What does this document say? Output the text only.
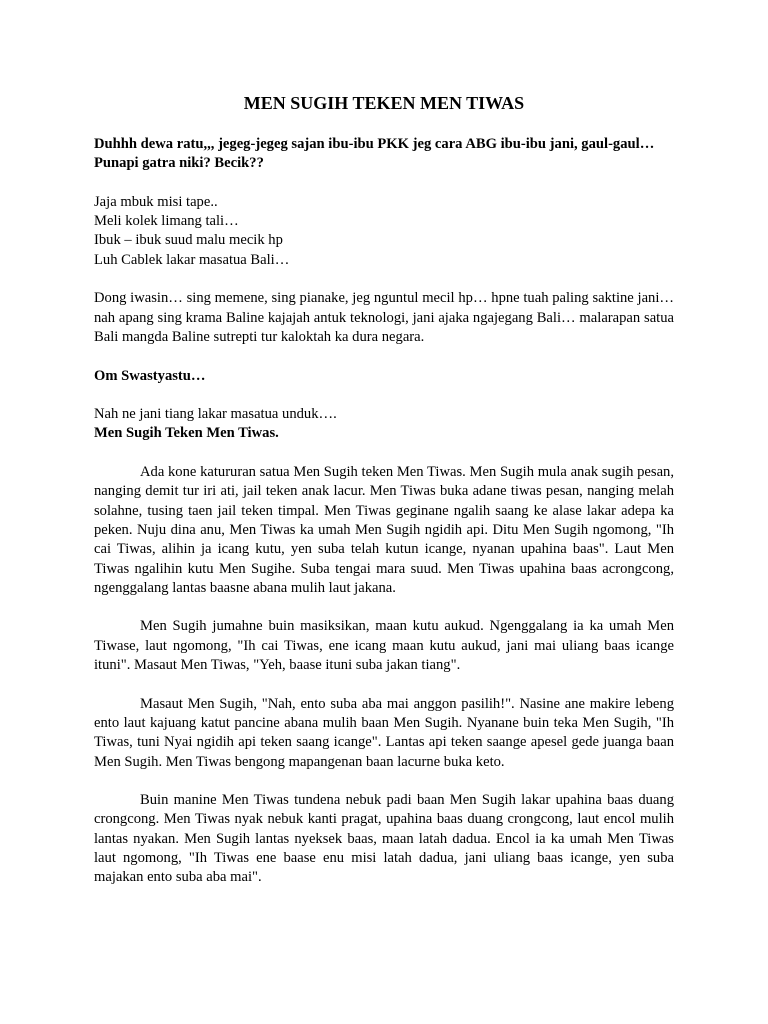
MEN SUGIH TEKEN MEN TIWAS

Duhhh dewa ratu,,, jegeg-jegeg sajan ibu-ibu PKK jeg cara ABG ibu-ibu jani, gaul-gaul…
Punapi gatra niki? Becik??

Jaja mbuk misi tape..
Meli kolek limang tali…
Ibuk – ibuk suud malu mecik hp
Luh Cablek lakar masatua Bali…

Dong iwasin… sing memene, sing pianake, jeg nguntul mecil hp… hpne tuah paling saktine jani… nah apang sing krama Baline kajajah antuk teknologi, jani ajaka ngajegang Bali… malarapan satua Bali mangda Baline sutrepti tur kaloktah ka dura negara.

Om Swastyastu…

Nah ne jani tiang lakar masatua unduk….
Men Sugih Teken Men Tiwas.

Ada kone katururan satua Men Sugih teken Men Tiwas. Men Sugih mula anak sugih pesan, nanging demit tur iri ati, jail teken anak lacur. Men Tiwas buka adane tiwas pesan, nanging melah solahne, tusing taen jail teken timpal. Men Tiwas geginane ngalih saang ke alase lakar adepa ka peken. Nuju dina anu, Men Tiwas ka umah Men Sugih ngidih api. Ditu Men Sugih ngomong, "Ih cai Tiwas, alihin ja icang kutu, yen suba telah kutun icange, nyanan upahina baas". Laut Men Tiwas ngalihin kutu Men Sugihe. Suba tengai mara suud. Men Tiwas upahina baas acrongcong, ngenggalang lantas baasne abana mulih laut jakana.

Men Sugih jumahne buin masiksikan, maan kutu aukud. Ngenggalang ia ka umah Men Tiwase, laut ngomong, "Ih cai Tiwas, ene icang maan kutu aukud, jani mai uliang baas icange ituni". Masaut Men Tiwas, "Yeh, baase ituni suba jakan tiang".

Masaut Men Sugih, "Nah, ento suba aba mai anggon pasilih!". Nasine ane makire lebeng ento laut kajuang katut pancine abana mulih baan Men Sugih. Nyanane buin teka Men Sugih, "Ih Tiwas, tuni Nyai ngidih api teken saang icange". Lantas api teken saange apesel gede juanga baan Men Sugih. Men Tiwas bengong mapangenan baan lacurne buka keto.

Buin manine Men Tiwas tundena nebuk padi baan Men Sugih lakar upahina baas duang crongcong. Men Tiwas nyak nebuk kanti pragat, upahina baas duang crongcong, laut encol mulih lantas nyakan. Men Sugih lantas nyeksek baas, maan latah dadua. Encol ia ka umah Men Tiwas laut ngomong, "Ih Tiwas ene baase enu misi latah dadua, jani uliang baas icange, yen suba majakan ento suba aba mai".
